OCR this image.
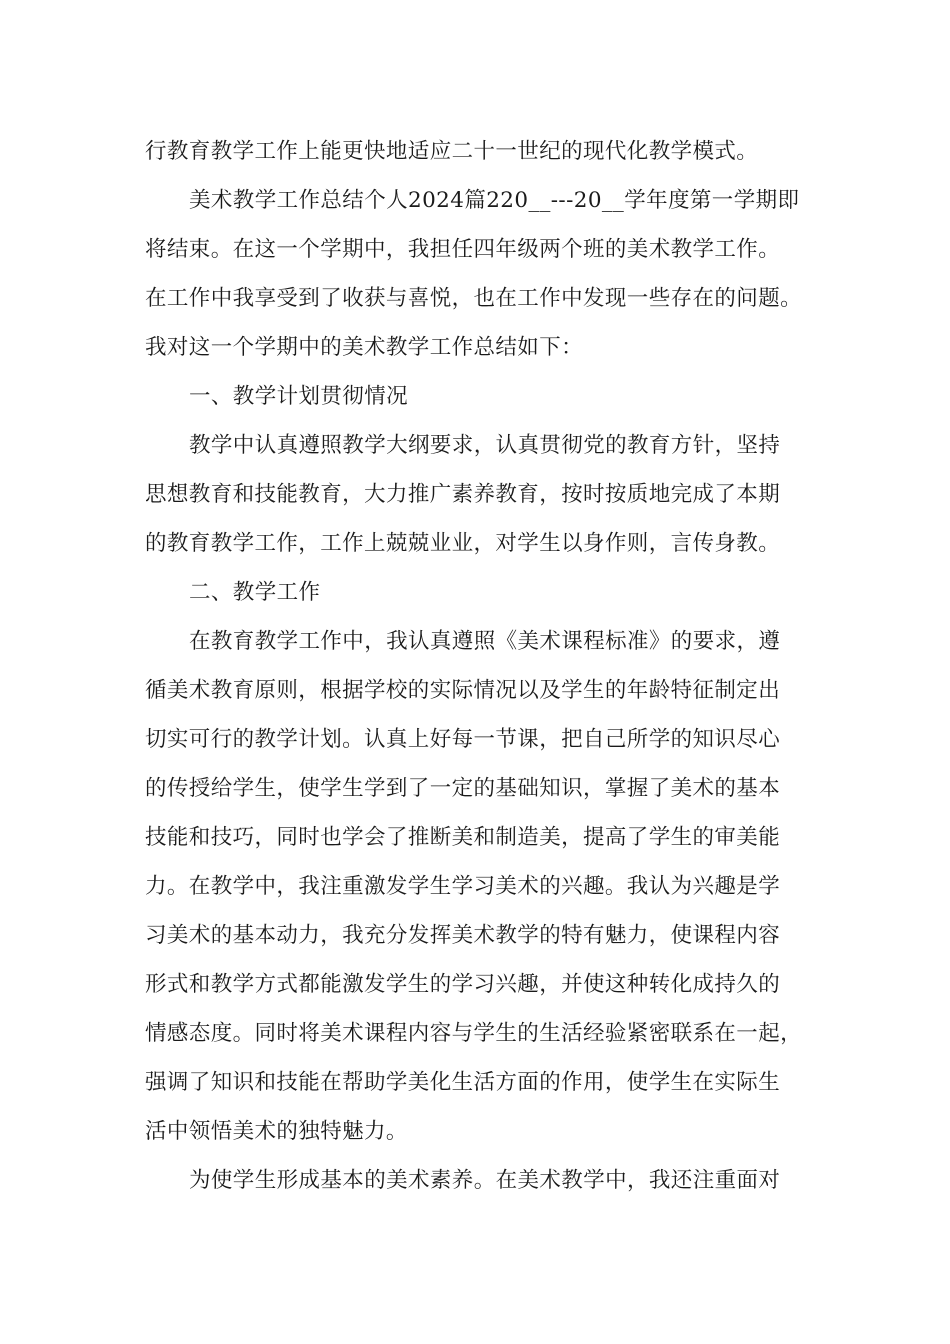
行教育教学工作上能更快地适应二十一世纪的现代化教学模式。
美术教学工作总结个人2024篇220__---20__学年度第一学期即
将结束。在这一个学期中，我担任四年级两个班的美术教学工作。
在工作中我享受到了收获与喜悦，也在工作中发现一些存在的问题。
我对这一个学期中的美术教学工作总结如下：
一、教学计划贯彻情况
教学中认真遵照教学大纲要求，认真贯彻党的教育方针，坚持
思想教育和技能教育，大力推广素养教育，按时按质地完成了本期
的教育教学工作，工作上兢兢业业，对学生以身作则，言传身教。
二、教学工作
在教育教学工作中，我认真遵照《美术课程标准》的要求，遵
循美术教育原则，根据学校的实际情况以及学生的年龄特征制定出
切实可行的教学计划。认真上好每一节课，把自己所学的知识尽心
的传授给学生，使学生学到了一定的基础知识，掌握了美术的基本
技能和技巧，同时也学会了推断美和制造美，提高了学生的审美能
力。在教学中，我注重激发学生学习美术的兴趣。我认为兴趣是学
习美术的基本动力，我充分发挥美术教学的特有魅力，使课程内容
形式和教学方式都能激发学生的学习兴趣，并使这种转化成持久的
情感态度。同时将美术课程内容与学生的生活经验紧密联系在一起，
强调了知识和技能在帮助学美化生活方面的作用，使学生在实际生
活中领悟美术的独特魅力。
为使学生形成基本的美术素养。在美术教学中，我还注重面对
